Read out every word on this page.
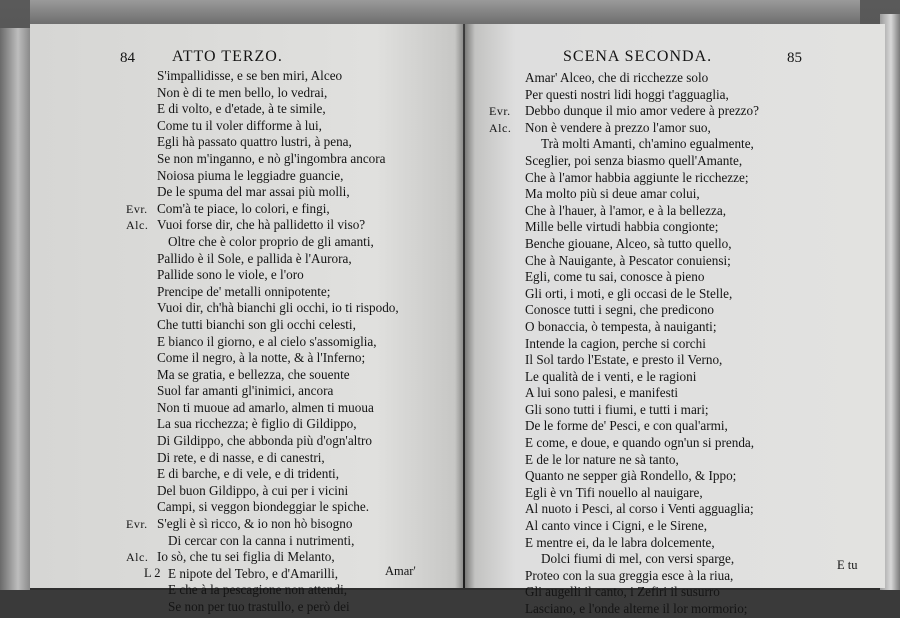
84 ATTO TERZO.
S'impallidisse, e se ben miri, Alceo
Non è di te men bello, lo vedrai,
E di volto, e d'etade, à te simile,
Come tu il voler difforme à lui,
Egli hà passato quattro lustri, à pena,
Se non m'inganno, e nò gl'ingombra ancora
Noiosa piuma le leggiadre guancie,
De le spuma del mar assai più molli,
Evr. Com'à te piace, lo colori, e fingi,
Alc. Vuoi forse dir, che hà pallidetto il viso?
Oltre che è color proprio de gli amanti,
Pallido è il Sole, e pallida è l'Aurora,
Pallide sono le viole, e l'oro
Prencipe de' metalli onnipotente;
Vuoi dir, ch'hà bianchi gli occhi, io ti rispodo,
Che tutti bianchi son gli occhi celesti,
E bianco il giorno, e al cielo s'assomiglia,
Come il negro, à la notte, & à l'Inferno;
Ma se gratia, e bellezza, che souente
Suol far amanti gl'inimici, ancora
Non ti muoue ad amarlo, almen ti muoua
La sua ricchezza; è figlio di Gildippo,
Di Gildippo, che abbonda più d'ogn'altro
Di rete, e di nasse, e di canestri,
E di barche, e di vele, e di tridenti,
Del buon Gildippo, à cui per i vicini
Campi, si veggon biondeggiar le spiche.
Evr. S'egli è sì ricco, & io non hò bisogno
Di cercar con la canna i nutrimenti,
Alc. Io sò, che tu sei figlia di Melanto,
E nipote del Tebro, e d'Amarilli,
E che à la pescagione non attendi,
Se non per tuo trastullo, e però dei
L 2	Amar'
SCENA SECONDA.	85
Amar' Alceo, che di ricchezze solo
Per questi nostri lidi hoggi t'agguaglia,
Evr. Debbo dunque il mio amor vedere à prezzo?
Alc. Non è vendere à prezzo l'amor suo,
Trà molti Amanti, ch'amino egualmente,
Sceglier, poi senza biasmo quell'Amante,
Che à l'amor habbia aggiunte le ricchezze;
Ma molto più si deue amar colui,
Che à l'hauer, à l'amor, e à la bellezza,
Mille belle virtudi habbia congionte;
Benche giouane, Alceo, sà tutto quello,
Che à Nauigante, à Pescator conuiensi;
Egli, come tu sai, conosce à pieno
Gli orti, i moti, e gli occasi de le Stelle,
Conosce tutti i segni, che predicono
O bonaccia, ò tempesta, à nauiganti;
Intende la cagion, perche si corchi
Il Sol tardo l'Estate, e presto il Verno,
Le qualità de i venti, e le ragioni
A lui sono palesi, e manifesti
Gli sono tutti i fiumi, e tutti i mari;
De le forme de' Pesci, e con qual'armi,
E come, e doue, e quando ogn'un si prenda,
E de le lor nature ne sà tanto,
Quanto ne sepper già Rondello, & Ippo;
Egli è vn Tifi nouello al nauigare,
Al nuoto i Pesci, al corso i Venti agguaglia;
Al canto vince i Cigni, e le Sirene,
E mentre ei, da le labra dolcemente,
Dolci fiumi di mel, con versi sparge,
Proteo con la sua greggia esce à la riua,
Gli augelli il canto, i Zefiri il susurro
Lasciano, e l'onde alterne il lor mormorio;
E tu
